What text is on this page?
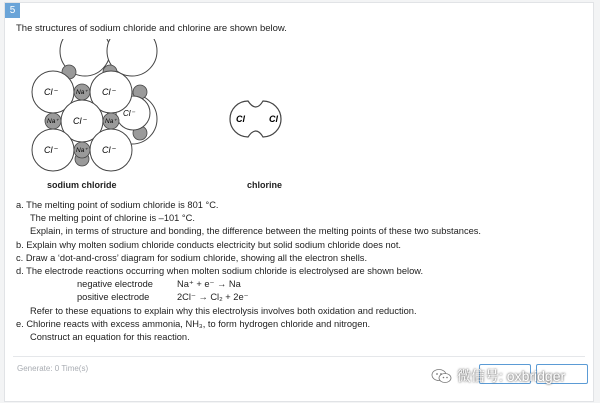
5
The structures of sodium chloride and chlorine are shown below.
Cl⁻
Cl⁻	Cl⁻
Cl⁻
Cl⁻	Cl⁻
Na⁺
Na⁺	Na⁺
Na⁺
Cl	Cl
sodium chloride	chlorine
a. The melting point of sodium chloride is 801 °C.
The melting point of chlorine is –101 °C.
Explain, in terms of structure and bonding, the difference between the melting points of these two substances.
b. Explain why molten sodium chloride conducts electricity but solid sodium chloride does not.
c. Draw a ‘dot-and-cross’ diagram for sodium chloride, showing all the electron shells.
d. The electrode reactions occurring when molten sodium chloride is electrolysed are shown below.
negative electrode	Na⁺ + e⁻ → Na
positive electrode	2Cl⁻ → Cl₂ + 2e⁻
Refer to these equations to explain why this electrolysis involves both oxidation and reduction.
e. Chlorine reacts with excess ammonia, NH₃, to form hydrogen chloride and nitrogen.
Construct an equation for this reaction.
Generate: 0 Time(s)	微信号: oxbridger
